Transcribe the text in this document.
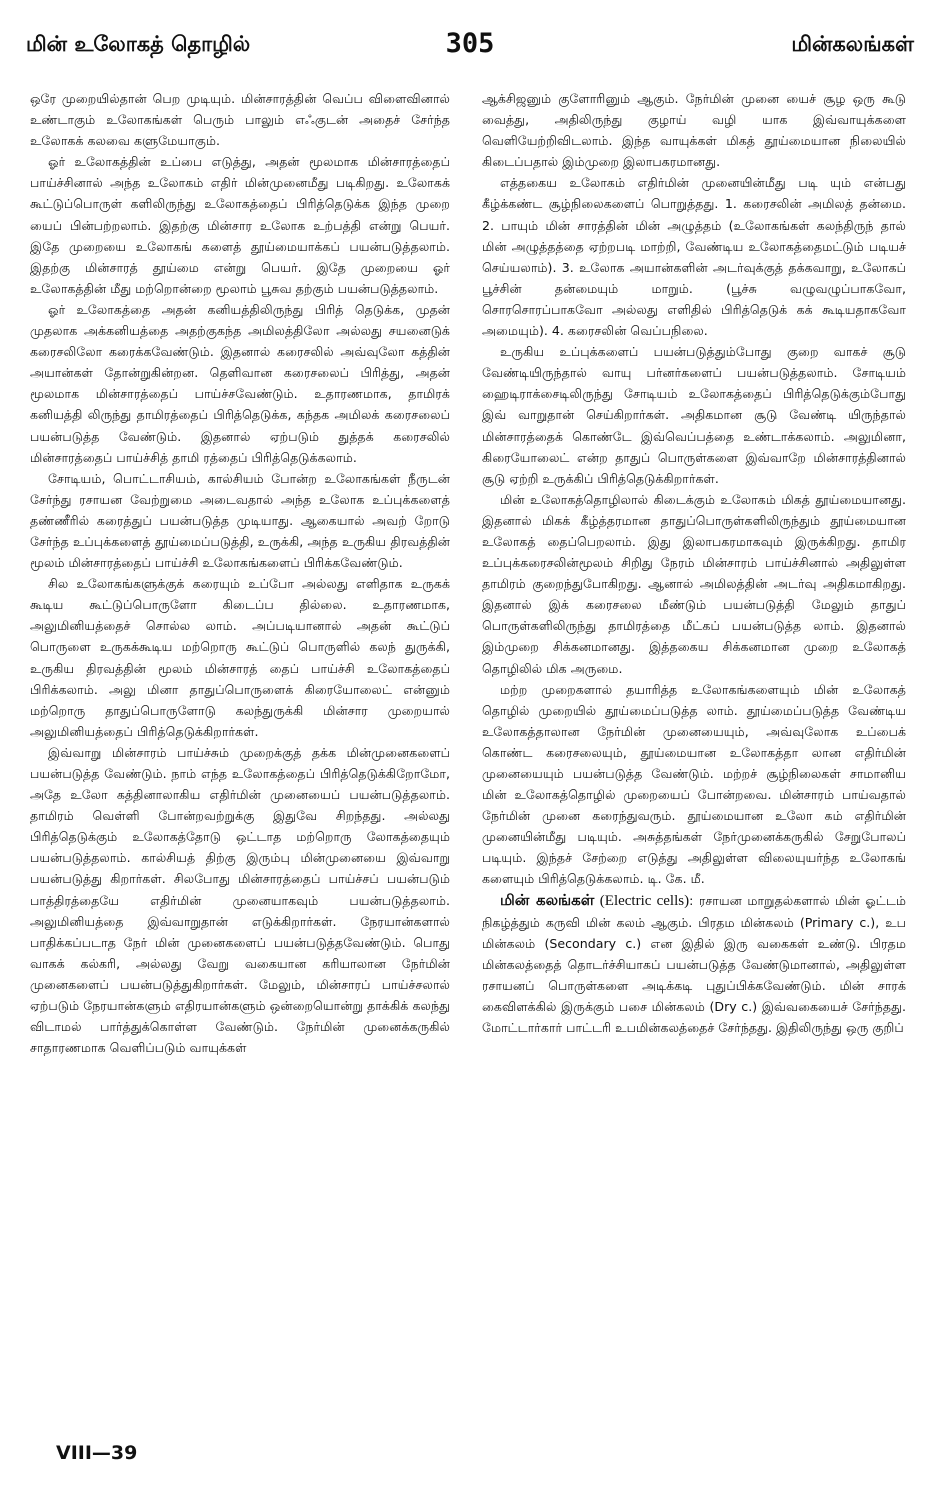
மின் உலோகத் தொழில்	305	மின்கலங்கள்

ஒரே முறையில்தான் பெற முடியும். மின்சாரத்தின் வெப்ப விளைவினால் உண்டாகும் உலோகங்கள் பெரும் பாலும் எஃகுடன் அதைச் சேர்ந்த உலோகக் கலவை களுமேயாகும்.

ஓர் உலோகத்தின் உப்பை எடுத்து, அதன் மூலமாக மின்சாரத்தைப் பாய்ச்சினால் அந்த உலோகம் எதிர் மின்முனைமீது படிகிறது. உலோகக் கூட்டுப்பொருள் களிலிருந்து உலோகத்தைப் பிரித்தெடுக்க இந்த முறை யைப் பின்பற்றலாம். இதற்கு மின்சார உலோக உற்பத்தி என்று பெயர். இதே முறையை உலோகங் களைத் தூய்மையாக்கப் பயன்படுத்தலாம். இதற்கு மின்சாரத் தூய்மை என்று பெயர். இதே முறையை ஓர் உலோகத்தின் மீது மற்றொன்றை மூலாம் பூசுவ தற்கும் பயன்படுத்தலாம்.

ஓர் உலோகத்தை அதன் கனியத்திலிருந்து பிரித் தெடுக்க, முதன் முதலாக அக்கனியத்தை அதற்குகந்த அமிலத்திலோ அல்லது சயனைடுக் கரைசலிலோ கரைக்கவேண்டும். இதனால் கரைசலில் அவ்வுலோ கத்தின் அயான்கள் தோன்றுகின்றன. தெளிவான கரைசலைப் பிரித்து, அதன் மூலமாக மின்சாரத்தைப் பாய்ச்சவேண்டும். உதாரணமாக, தாமிரக் கனியத்தி லிருந்து தாமிரத்தைப் பிரித்தெடுக்க, கந்தக அமிலக் கரைசலைப் பயன்படுத்த வேண்டும். இதனால் ஏற்படும் துத்தக் கரைசலில் மின்சாரத்தைப் பாய்ச்சித் தாமி ரத்தைப் பிரித்தெடுக்கலாம்.

சோடியம், பொட்டாசியம், கால்சியம் போன்ற உலோகங்கள் நீருடன் சேர்ந்து ரசாயன வேற்றுமை அடைவதால் அந்த உலோக உப்புக்களைத் தண்ணீரில் கரைத்துப் பயன்படுத்த முடியாது. ஆகையால் அவற் றோடு சேர்ந்த உப்புக்களைத் தூய்மைப்படுத்தி, உருக்கி, அந்த உருகிய திரவத்தின் மூலம் மின்சாரத்தைப் பாய்ச்சி உலோகங்களைப் பிரிக்கவேண்டும்.

சில உலோகங்களுக்குக் கரையும் உப்போ அல்லது எளிதாக உருகக் கூடிய கூட்டுப்பொருளோ கிடைப்ப தில்லை. உதாரணமாக, அலுமினியத்தைச் சொல்ல லாம். அப்படியானால் அதன் கூட்டுப் பொருளை உருகக்கூடிய மற்றொரு கூட்டுப் பொருளில் கலந் துருக்கி, உருகிய திரவத்தின் மூலம் மின்சாரத் தைப் பாய்ச்சி உலோகத்தைப் பிரிக்கலாம். அலு மினா தாதுப்பொருளைக் கிரையோலைட் என்னும் மற்றொரு தாதுப்பொருளோடு கலந்துருக்கி மின்சார முறையால் அலுமினியத்தைப் பிரித்தெடுக்கிறார்கள்.

இவ்வாறு மின்சாரம் பாய்ச்சும் முறைக்குத் தக்க மின்முனைகளைப் பயன்படுத்த வேண்டும். நாம் எந்த உலோகத்தைப் பிரித்தெடுக்கிறோமோ, அதே உலோ கத்தினாலாகிய எதிர்மின் முனையைப் பயன்படுத்தலாம். தாமிரம் வெள்ளி போன்றவற்றுக்கு இதுவே சிறந்தது. அல்லது பிரித்தெடுக்கும் உலோகத்தோடு ஒட்டாத மற்றொரு லோகத்தையும் பயன்படுத்தலாம். கால்சியத் திற்கு இரும்பு மின்முனையை இவ்வாறு பயன்படுத்து கிறார்கள். சிலபோது மின்சாரத்தைப் பாய்ச்சப் பயன்படும் பாத்திரத்தையே எதிர்மின் முனையாகவும் பயன்படுத்தலாம். அலுமினியத்தை இவ்வாறுதான் எடுக்கிறார்கள். நேரயான்களால் பாதிக்கப்படாத நேர் மின் முனைகளைப் பயன்படுத்தவேண்டும். பொது வாகக் கல்கரி, அல்லது வேறு வகையான கரியாலான நேர்மின் முனைகளைப் பயன்படுத்துகிறார்கள். மேலும், மின்சாரப் பாய்ச்சலால் ஏற்படும் நேரயான்களும் எதிரயான்களும் ஒன்றையொன்று தாக்கிக் கலந்து விடாமல் பார்த்துக்கொள்ள வேண்டும். நேர்மின் முனைக்கருகில் சாதாரணமாக வெளிப்படும் வாயுக்கள்

ஆக்சிஜனும் குளோரினும் ஆகும். நேர்மின் முனை யைச் சூழ ஒரு கூடு வைத்து, அதிலிருந்து குழாய் வழி யாக இவ்வாயுக்களை வெளியேற்றிவிடலாம். இந்த வாயுக்கள் மிகத் தூய்மையான நிலையில் கிடைப்பதால் இம்முறை இலாபகரமானது.

எத்தகைய உலோகம் எதிர்மின் முனையின்மீது படி யும் என்பது கீழ்க்கண்ட சூழ்நிலைகளைப் பொறுத்தது. 1. கரைசலின் அமிலத் தன்மை. 2. பாயும் மின் சாரத்தின் மின் அழுத்தம் (உலோகங்கள் கலந்திருந் தால் மின் அழுத்தத்தை ஏற்றபடி மாற்றி, வேண்டிய உலோகத்தைமட்டும் படியச் செய்யலாம்). 3. உலோக அயான்களின் அடர்வுக்குத் தக்கவாறு, உலோகப் பூச்சின் தன்மையும் மாறும். (பூச்சு வழுவழுப்பாகவோ, சொரசொரப்பாகவோ அல்லது எளிதில் பிரித்தெடுக் கக் கூடியதாகவோ அமையும்). 4. கரைசலின் வெப்பநிலை.

உருகிய உப்புக்களைப் பயன்படுத்தும்போது குறை வாகச் சூடு வேண்டியிருந்தால் வாயு பர்னர்களைப் பயன்படுத்தலாம். சோடியம் ஹைடிராக்சைடிலிருந்து சோடியம் உலோகத்தைப் பிரித்தெடுக்கும்போது இவ் வாறுதான் செய்கிறார்கள். அதிகமான சூடு வேண்டி யிருந்தால் மின்சாரத்தைக் கொண்டே இவ்வெப்பத்தை உண்டாக்கலாம். அலுமினா, கிரையோலைட் என்ற தாதுப் பொருள்களை இவ்வாறே மின்சாரத்தினால் சூடு ஏற்றி உருக்கிப் பிரித்தெடுக்கிறார்கள்.

மின் உலோகத்தொழிலால் கிடைக்கும் உலோகம் மிகத் தூய்மையானது. இதனால் மிகக் கீழ்த்தரமான தாதுப்பொருள்களிலிருந்தும் தூய்மையான உலோகத் தைப்பெறலாம். இது இலாபகரமாகவும் இருக்கிறது. தாமிர உப்புக்கரைசலின்மூலம் சிறிது நேரம் மின்சாரம் பாய்ச்சினால் அதிலுள்ள தாமிரம் குறைந்துபோகிறது. ஆனால் அமிலத்தின் அடர்வு அதிகமாகிறது. இதனால் இக் கரைசலை மீண்டும் பயன்படுத்தி மேலும் தாதுப் பொருள்களிலிருந்து தாமிரத்தை மீட்கப் பயன்படுத்த லாம். இதனால் இம்முறை சிக்கனமானது. இத்தகைய சிக்கனமான முறை உலோகத் தொழிலில் மிக அருமை.

மற்ற முறைகளால் தயாரித்த உலோகங்களையும் மின் உலோகத் தொழில் முறையில் தூய்மைப்படுத்த லாம். தூய்மைப்படுத்த வேண்டிய உலோகத்தாலான நேர்மின் முனையையும், அவ்வுலோக உப்பைக் கொண்ட கரைசலையும், தூய்மையான உலோகத்தா லான எதிர்மின் முனையையும் பயன்படுத்த வேண்டும். மற்றச் சூழ்நிலைகள் சாமானிய மின் உலோகத்தொழில் முறையைப் போன்றவை. மின்சாரம் பாய்வதால் நேர்மின் முனை கரைந்துவரும். தூய்மையான உலோ கம் எதிர்மின் முனையின்மீது படியும். அசுத்தங்கள் நேர்முனைக்கருகில் சேறுபோலப் படியும். இந்தச் சேற்றை எடுத்து அதிலுள்ள விலையுயர்ந்த உலோகங் களையும் பிரித்தெடுக்கலாம். டி. கே. மீ.

மின் கலங்கள் (Electric cells): ரசாயன மாறுதல்களால் மின் ஓட்டம் நிகழ்த்தும் கருவி மின் கலம் ஆகும். பிரதம மின்கலம் (Primary c.), உப மின்கலம் (Secondary c.) என இதில் இரு வகைகள் உண்டு. பிரதம மின்கலத்தைத் தொடர்ச்சியாகப் பயன்படுத்த வேண்டுமானால், அதிலுள்ள ரசாயனப் பொருள்களை அடிக்கடி புதுப்பிக்கவேண்டும். மின் சாரக் கைவிளக்கில் இருக்கும் பசை மின்கலம் (Dry c.) இவ்வகையைச் சேர்ந்தது. மோட்டார்கார் பாட்டரி உபமின்கலத்தைச் சேர்ந்தது. இதிலிருந்து ஒரு குறிப்

VIII—39
